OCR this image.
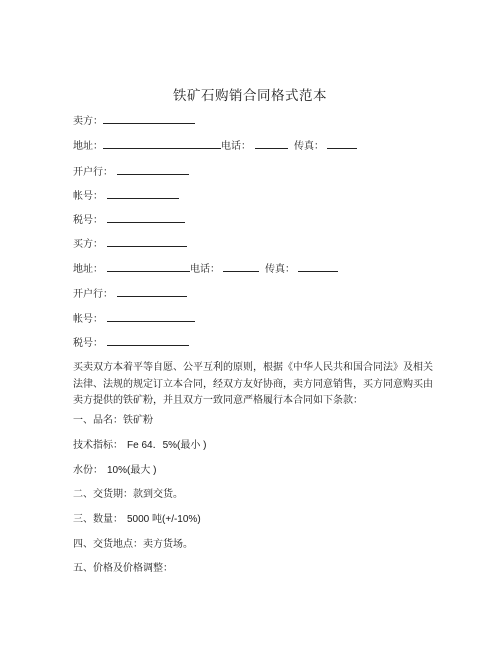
铁矿石购销合同格式范本
卖方：
地址：	电话：	传真：
开户行：
帐号：
税号：
买方：
地址：	电话：	传真：
开户行：
帐号：
税号：
买卖双方本着平等自愿、公平互利的原则，根据《中华人民共和国合同法》及相关法律、法规的规定订立本合同，经双方友好协商，卖方同意销售，买方同意购买由卖方提供的铁矿粉，并且双方一致同意严格履行本合同如下条款：
一、品名：铁矿粉
技术指标： Fe 64．5%(最小 )
水份： 10%(最大 )
二、交货期：款到交货。
三、数量： 5000 吨(+/-10%)
四、交货地点：卖方货场。
五、价格及价格调整：
